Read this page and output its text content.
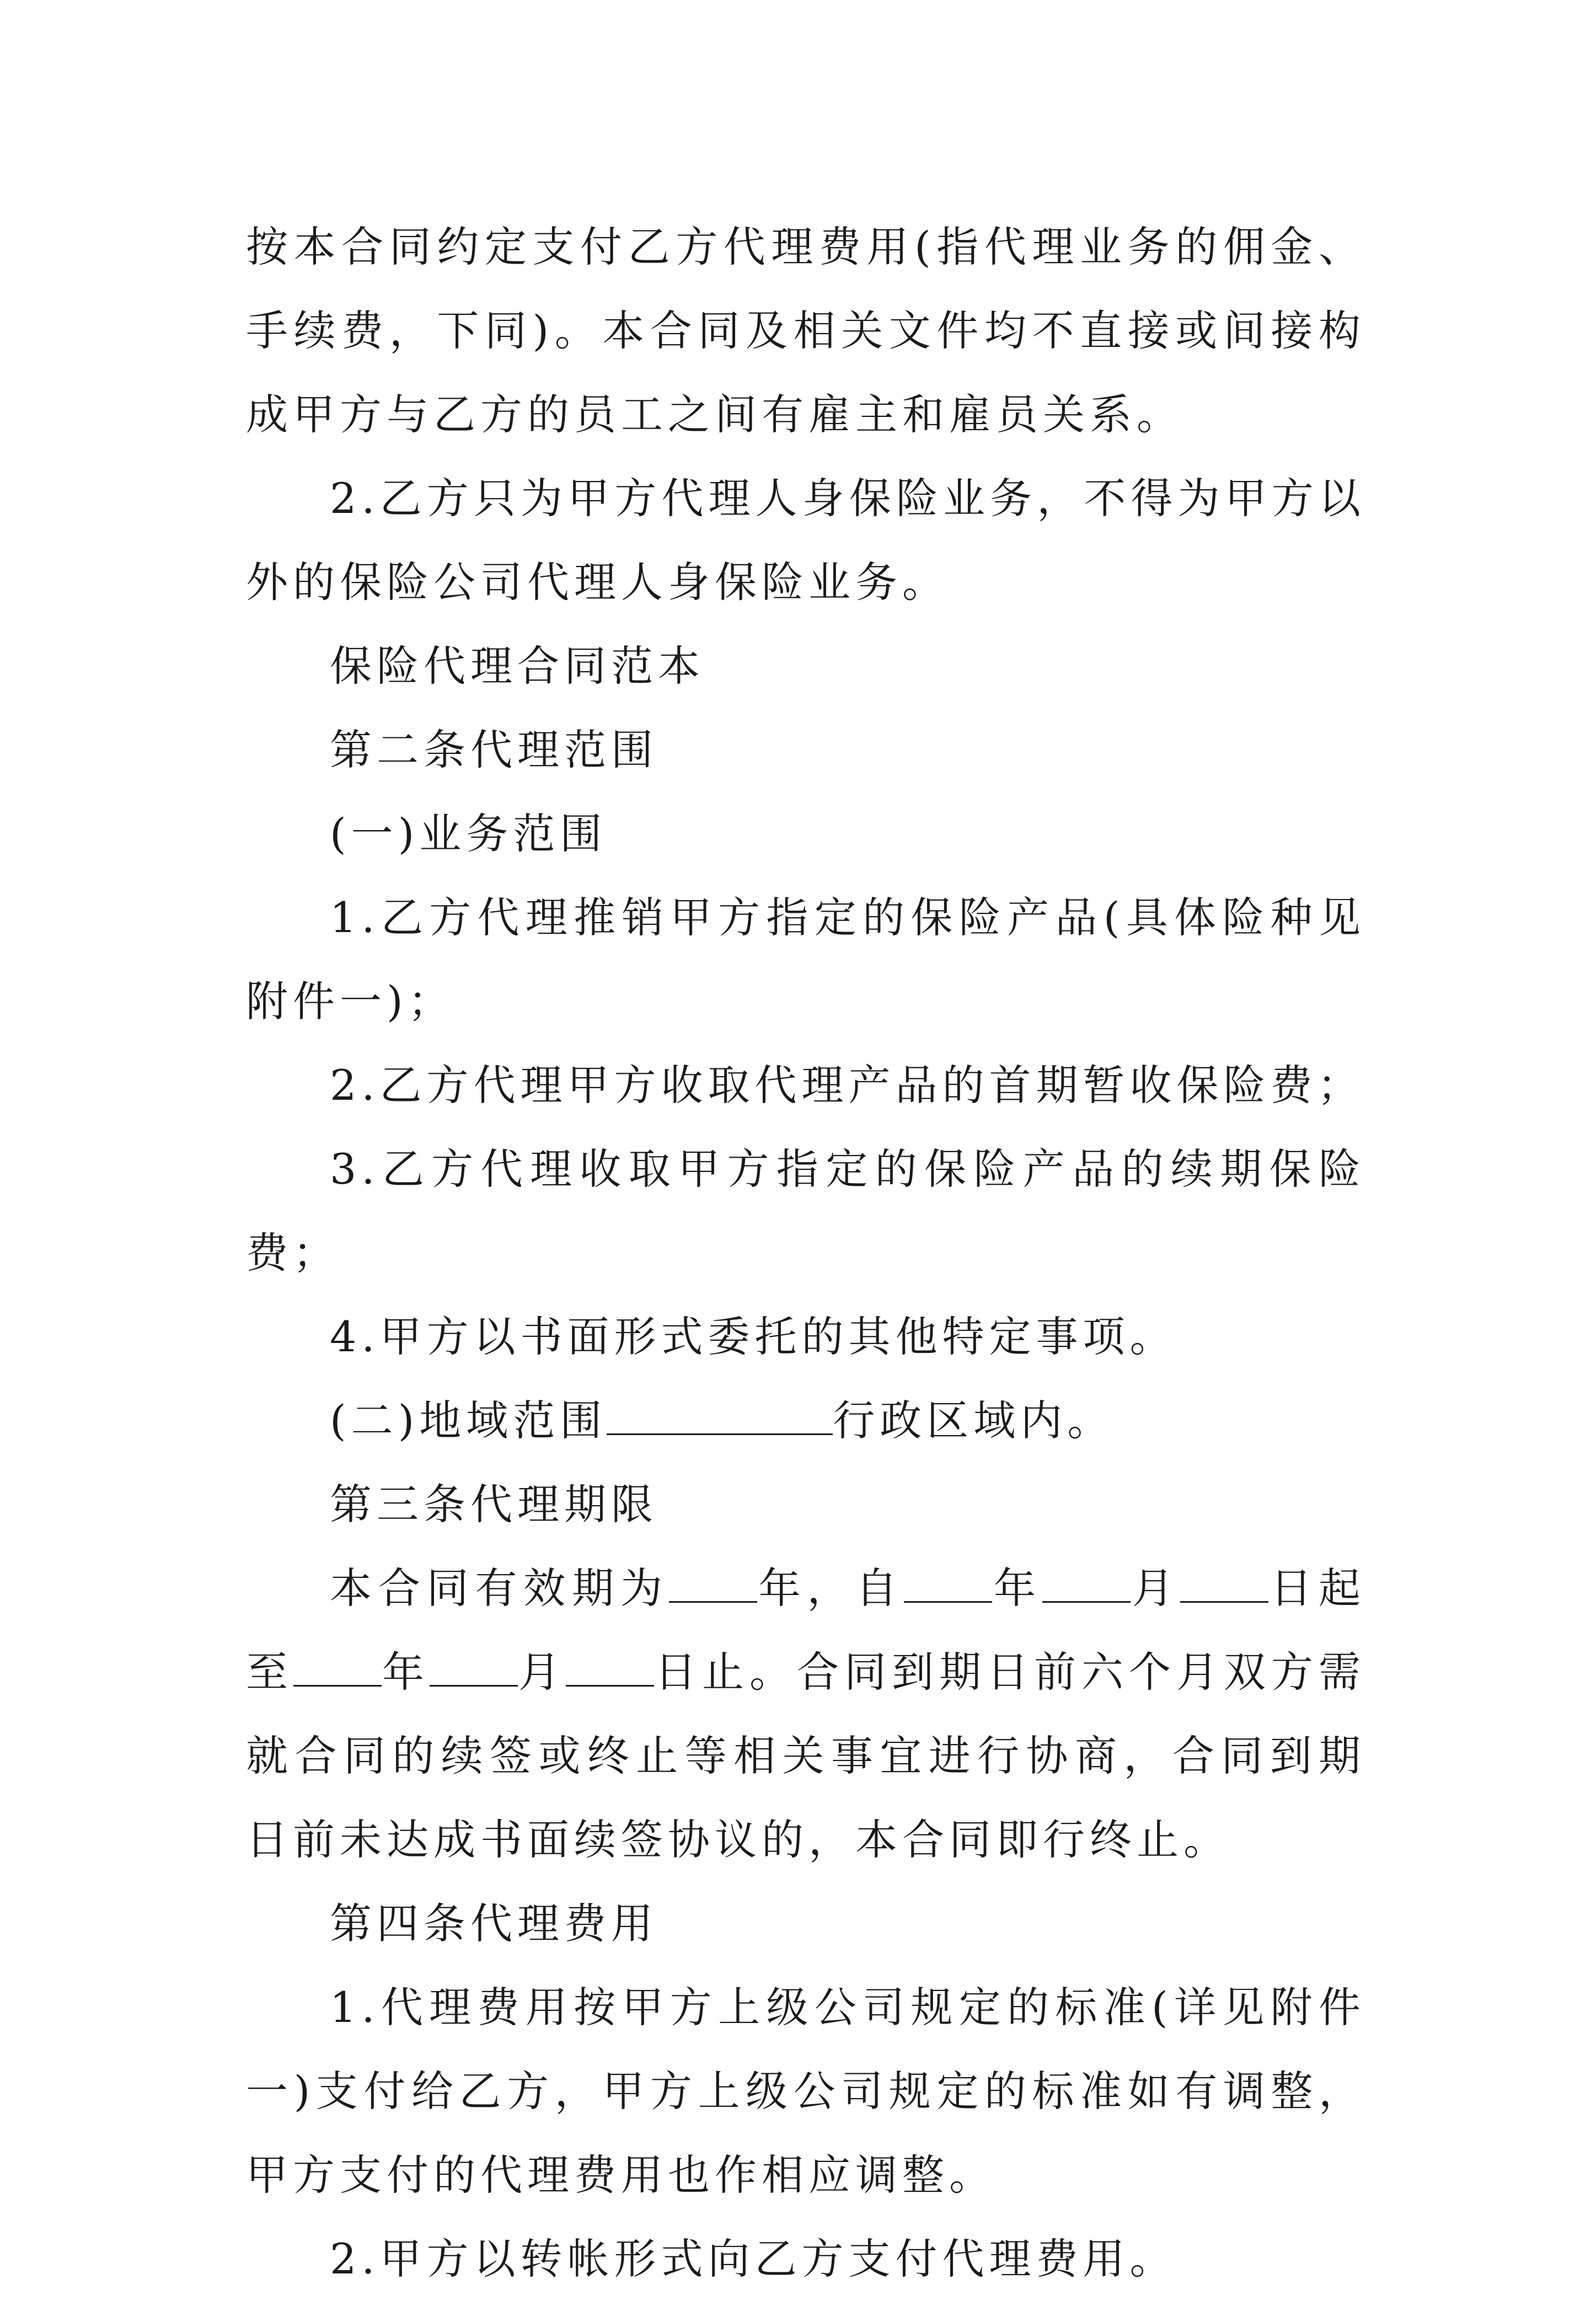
按本合同约定支付乙方代理费用(指代理业务的佣金、手续费，下同)。本合同及相关文件均不直接或间接构成甲方与乙方的员工之间有雇主和雇员关系。

2.乙方只为甲方代理人身保险业务，不得为甲方以外的保险公司代理人身保险业务。

保险代理合同范本

第二条代理范围

(一)业务范围

1.乙方代理推销甲方指定的保险产品(具体险种见附件一)；

2.乙方代理甲方收取代理产品的首期暂收保险费；

3.乙方代理收取甲方指定的保险产品的续期保险费；

4.甲方以书面形式委托的其他特定事项。

(二)地域范围	行政区域内。

第三条代理期限

本合同有效期为 年，自 年 月 日起至 年 月 日止。合同到期日前六个月双方需就合同的续签或终止等相关事宜进行协商，合同到期日前未达成书面续签协议的，本合同即行终止。

第四条代理费用

1.代理费用按甲方上级公司规定的标准(详见附件一)支付给乙方，甲方上级公司规定的标准如有调整，甲方支付的代理费用也作相应调整。

2.甲方以转帐形式向乙方支付代理费用。
